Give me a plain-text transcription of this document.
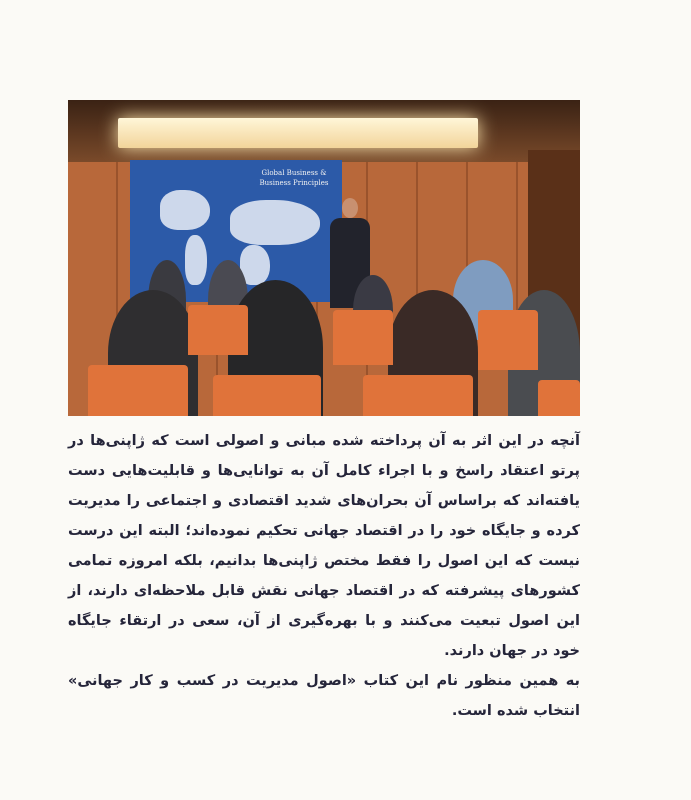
Global Business &
Business Principles

آنچه در این اثر به آن پرداخته شده مبانی و اصولی است که ژاپنی‌ها در پرتو اعتقاد راسخ و با اجراء کامل آن به توانایی‌ها و قابلیت‌هایی دست یافته‌اند که براساس آن بحران‌های شدید اقتصادی و اجتماعی را مدیریت کرده و جایگاه خود را در اقتصاد جهانی تحکیم نموده‌اند؛ البته این درست نیست که این اصول را فقط مختص ژاپنی‌ها بدانیم، بلکه امروزه تمامی کشورهای پیشرفته که در اقتصاد جهانی نقش قابل ملاحظه‌ای دارند، از این اصول تبعیت می‌کنند و با بهره‌گیری از آن، سعی در ارتقاء جایگاه خود در جهان دارند.

به همین منظور نام این کتاب «اصول مدیریت در کسب و کار جهانی» انتخاب شده است.
